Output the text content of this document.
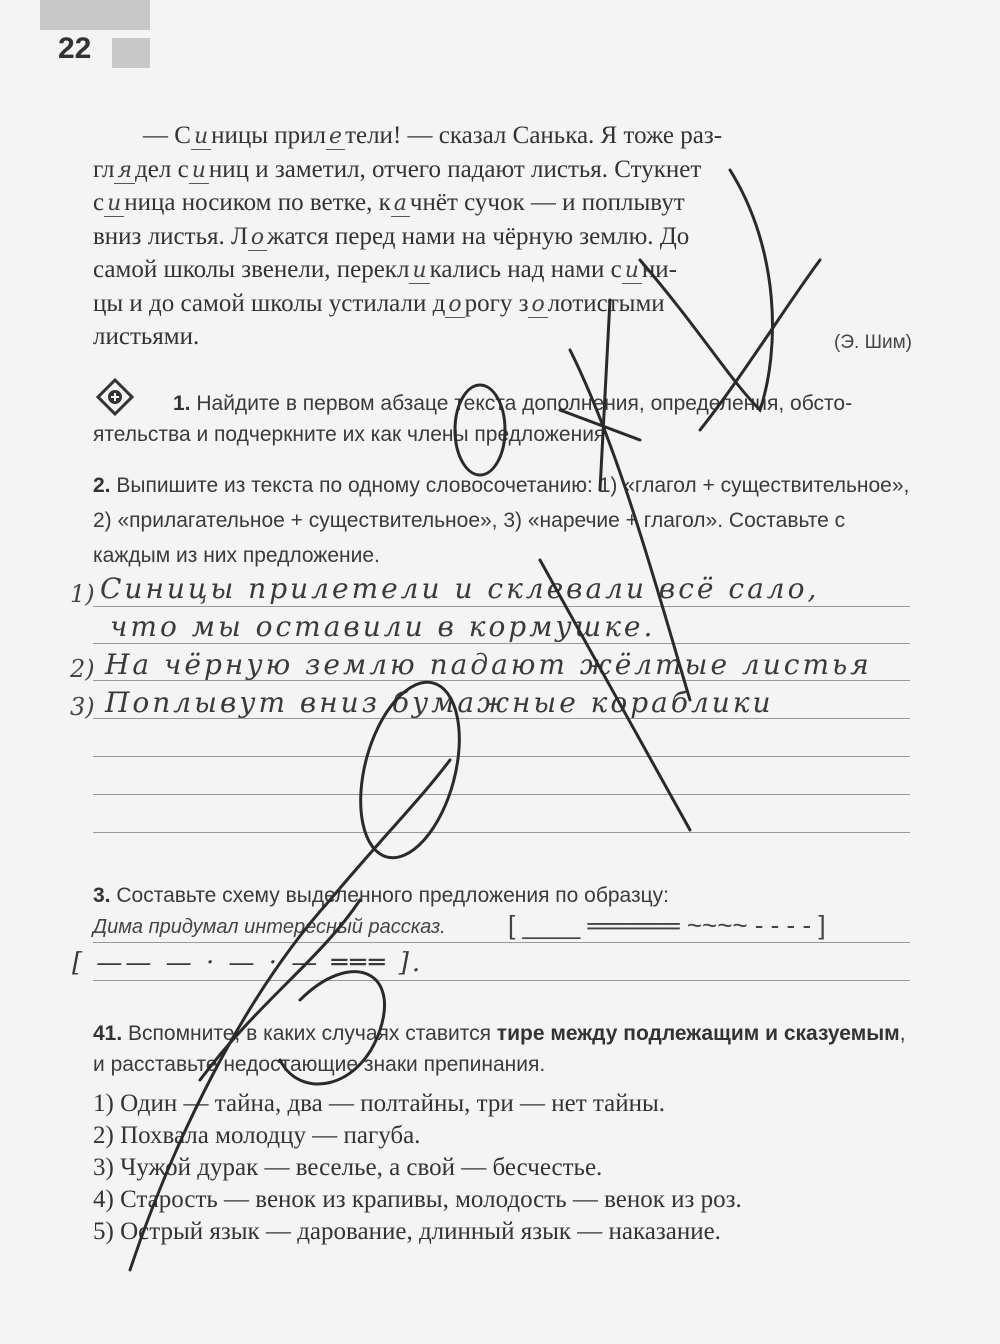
22

— С и ницы прил е тели! — сказал Санька. Я тоже раз-

гл я дел с и ниц и заметил, отчего падают листья. Стукнет

с и ница носиком по ветке, к а чнёт сучок — и поплывут

вниз листья. Л о жатся перед нами на чёрную землю. До

самой школы звенели, перекл и кались над нами с и ни-

цы и до самой школы устилали д о рогу з о лотистыми

листьями.	(Э. Шим)
1. Найдите в первом абзаце текста дополнения, определения, обстоятельства и подчеркните их как члены предложения.
2. Выпишите из текста по одному словосочетанию: 1) «глагол + существительное», 2) «прилагательное + существительное», 3) «наречие + глагол». Составьте с каждым из них предложение.
1) Синицы прилетели и склевали всё сало,
что мы оставили в кормушке.
2) На чёрную землю падают жёлтые листья
3) Поплывут вниз бумажные кораблики
3. Составьте схему выделенного предложения по образцу:
Дима придумал интересный рассказ. [ ____ ═════ ~~~~ - - - - ]
[ —— — · — · — ═══ ].
41. Вспомните, в каких случаях ставится тире между подлежащим и сказуемым, и расставьте недостающие знаки препинания.
1) Один — тайна, два — полтайны, три — нет тайны.
2) Похвала молодцу — пагуба.
3) Чужой дурак — веселье, а свой — бесчестье.
4) Старость — венок из крапивы, молодость — венок из роз.
5) Острый язык — дарование, длинный язык — наказание.
